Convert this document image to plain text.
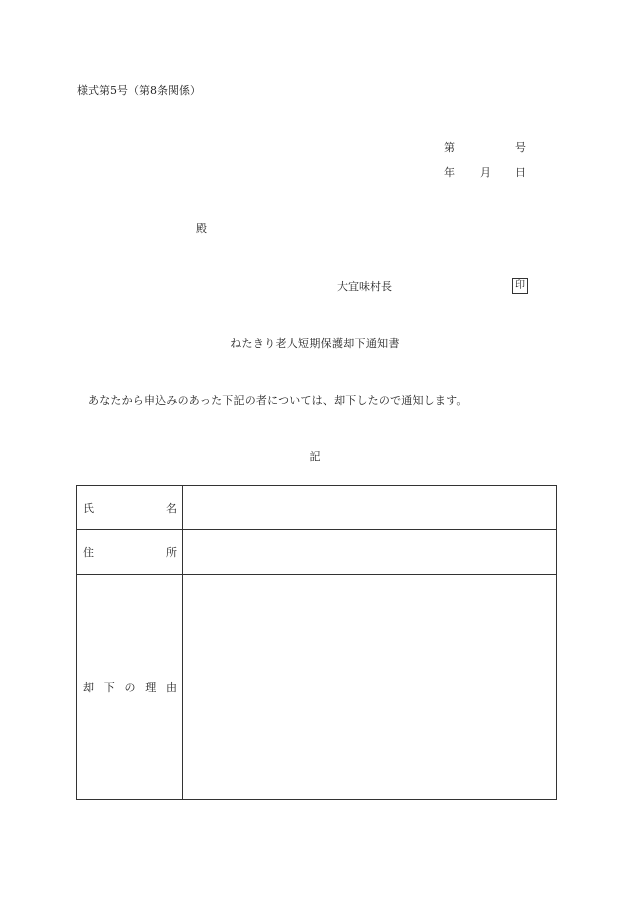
様式第5号（第8条関係）
第	号
年 月 日
殿
大宜味村長	印
ねたきり老人短期保護却下通知書
あなたから申込みのあった下記の者については、却下したので通知します。
記
氏 名	

住 所	

却 下 の 理 由	
